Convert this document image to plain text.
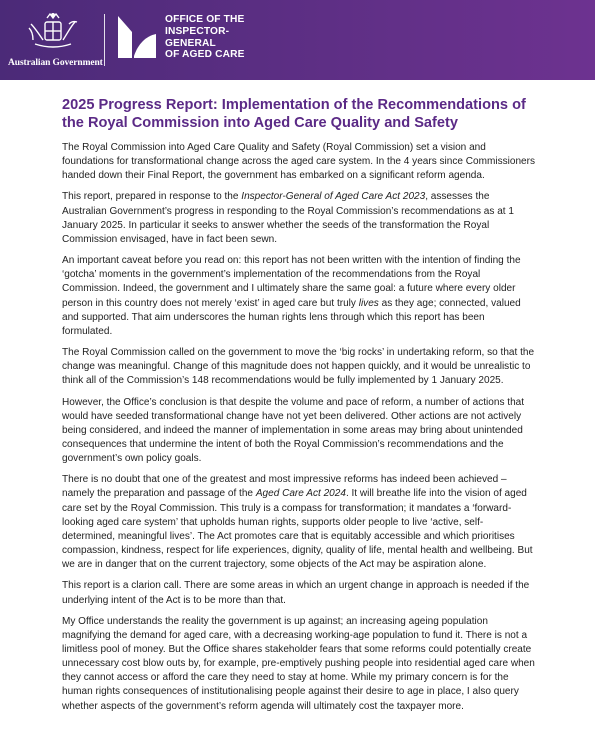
Australian Government
OFFICE OF THE
INSPECTOR-
GENERAL
OF AGED CARE
2025 Progress Report: Implementation of the Recommendations of the Royal Commission into Aged Care Quality and Safety

The Royal Commission into Aged Care Quality and Safety (Royal Commission) set a vision and foundations for transformational change across the aged care system. In the 4 years since Commissioners handed down their Final Report, the government has embarked on a significant reform agenda.

This report, prepared in response to the Inspector-General of Aged Care Act 2023, assesses the Australian Government’s progress in responding to the Royal Commission’s recommendations as at 1 January 2025. In particular it seeks to answer whether the seeds of the transformation the Royal Commission envisaged, have in fact been sewn.

An important caveat before you read on: this report has not been written with the intention of finding the ‘gotcha’ moments in the government’s implementation of the recommendations from the Royal Commission. Indeed, the government and I ultimately share the same goal: a future where every older person in this country does not merely ‘exist’ in aged care but truly lives as they age; connected, valued and supported. That aim underscores the human rights lens through which this report has been formulated.

The Royal Commission called on the government to move the ‘big rocks’ in undertaking reform, so that the change was meaningful. Change of this magnitude does not happen quickly, and it would be unrealistic to think all of the Commission’s 148 recommendations would be fully implemented by 1 January 2025.

However, the Office’s conclusion is that despite the volume and pace of reform, a number of actions that would have seeded transformational change have not yet been delivered. Other actions are not actively being considered, and indeed the manner of implementation in some areas may bring about unintended consequences that undermine the intent of both the Royal Commission’s recommendations and the government’s own policy goals.

There is no doubt that one of the greatest and most impressive reforms has indeed been achieved – namely the preparation and passage of the Aged Care Act 2024. It will breathe life into the vision of aged care set by the Royal Commission. This truly is a compass for transformation; it mandates a ‘forward-looking aged care system’ that upholds human rights, supports older people to live ‘active, self-determined, meaningful lives’. The Act promotes care that is equitably accessible and which prioritises compassion, kindness, respect for life experiences, dignity, quality of life, mental health and wellbeing. But we are in danger that on the current trajectory, some objects of the Act may be aspiration alone.

This report is a clarion call. There are some areas in which an urgent change in approach is needed if the underlying intent of the Act is to be more than that.

My Office understands the reality the government is up against; an increasing ageing population magnifying the demand for aged care, with a decreasing working-age population to fund it. There is not a limitless pool of money. But the Office shares stakeholder fears that some reforms could potentially create unnecessary cost blow outs by, for example, pre-emptively pushing people into residential aged care when they cannot access or afford the care they need to stay at home. While my primary concern is for the human rights consequences of institutionalising people against their desire to age in place, I also query whether aspects of the government’s reform agenda will ultimately cost the taxpayer more.
